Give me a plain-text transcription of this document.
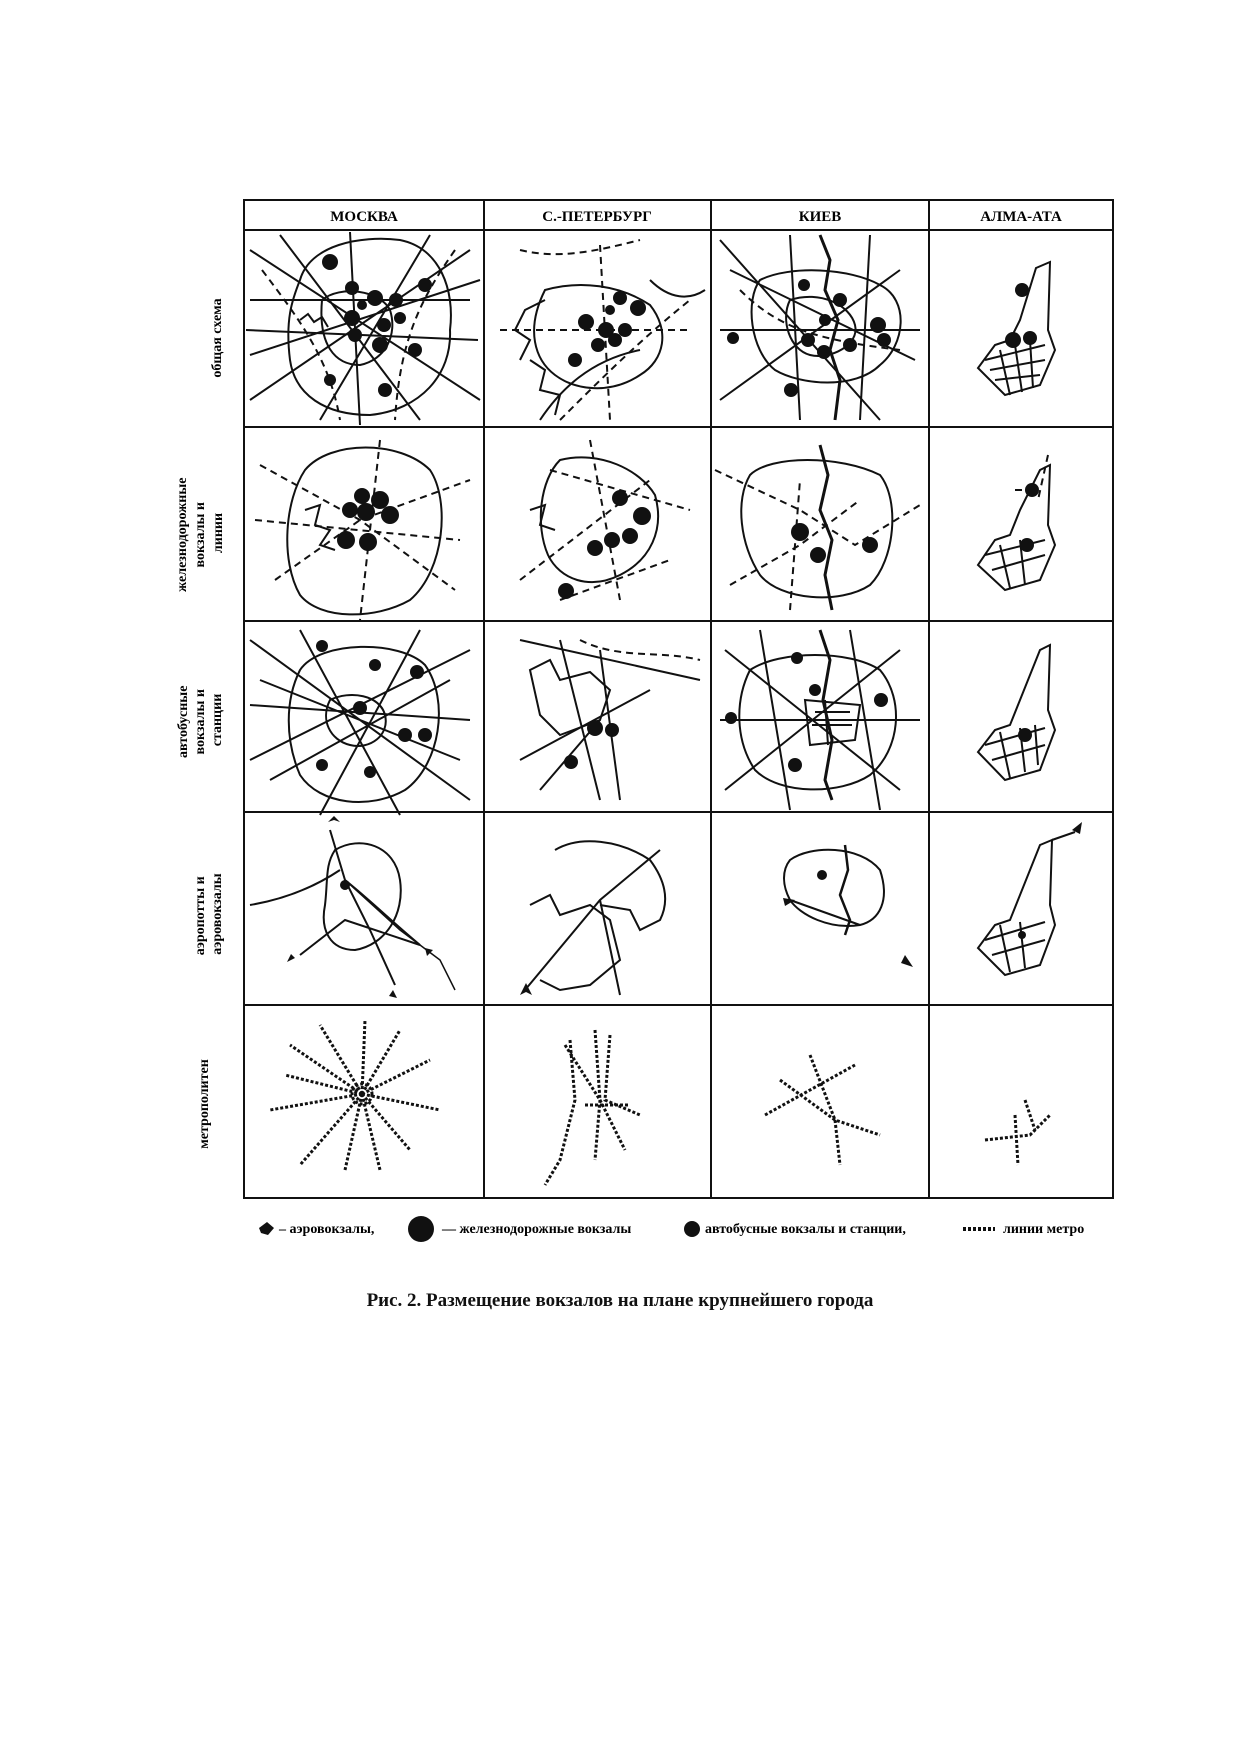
МОСКВА	С.-ПЕТЕРБУРГ	КИЕВ	АЛМА-АТА
общая схема
железнодорожные вокзалы и линии
автобусные вокзалы и станции
аэропотты и аэровокзалы
метрополитен
– аэровокзалы,	— железнодорожные вокзалы	автобусные вокзалы и станции,	линии метро
Рис. 2. Размещение вокзалов на плане крупнейшего города
